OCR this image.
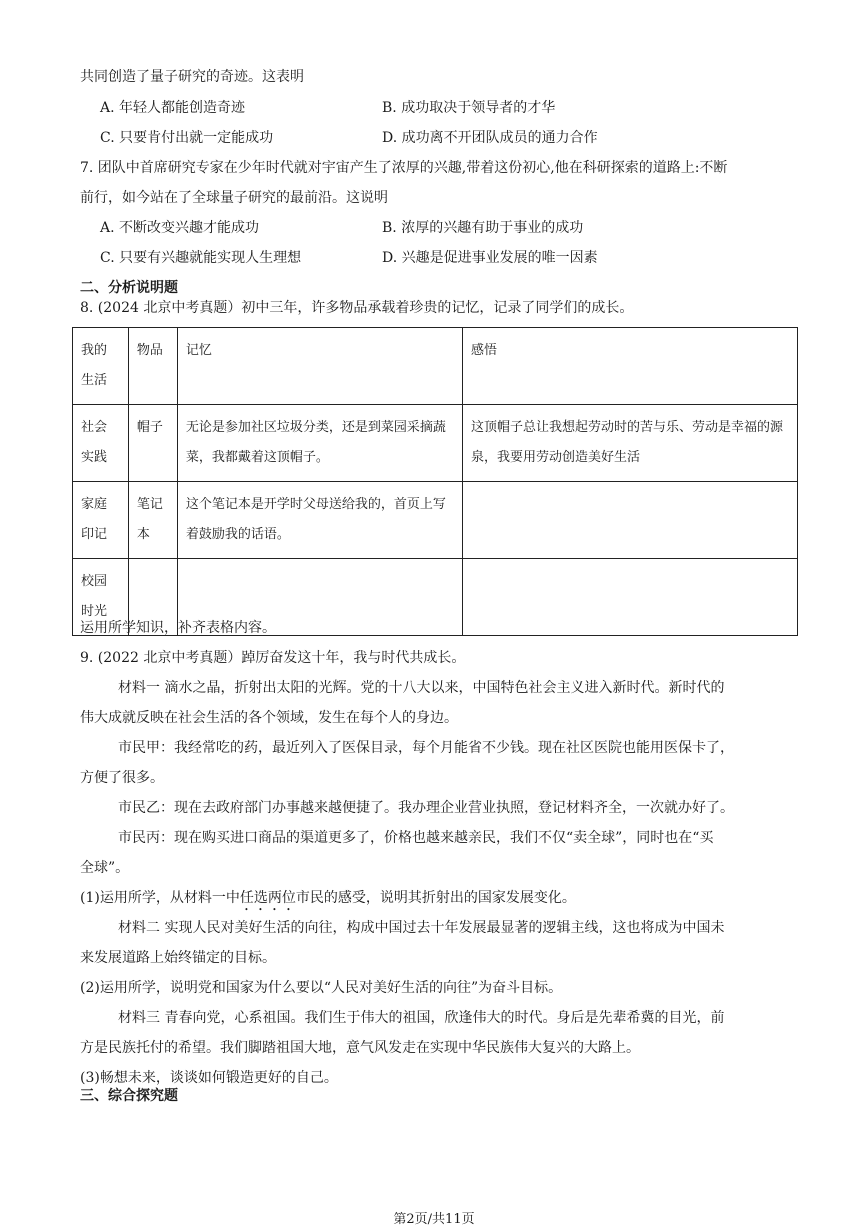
共同创造了量子研究的奇迹。这表明
A. 年轻人都能创造奇迹	B. 成功取决于领导者的才华
C. 只要肯付出就一定能成功	D. 成功离不开团队成员的通力合作
7. 团队中首席研究专家在少年时代就对宇宙产生了浓厚的兴趣,带着这份初心,他在科研探索的道路上:不断
前行，如今站在了全球量子研究的最前沿。这说明
A. 不断改变兴趣才能成功	B. 浓厚的兴趣有助于事业的成功
C. 只要有兴趣就能实现人生理想	D. 兴趣是促进事业发展的唯一因素
二、分析说明题
8. (2024 北京中考真题）初中三年，许多物品承载着珍贵的记忆，记录了同学们的成长。
我的生活	物品	记忆	感悟
社会实践	帽子	无论是参加社区垃圾分类，还是到菜园采摘蔬菜，我都戴着这顶帽子。	这顶帽子总让我想起劳动时的苦与乐、劳动是幸福的源泉，我要用劳动创造美好生活
家庭印记	笔记本	这个笔记本是开学时父母送给我的，首页上写着鼓励我的话语。	
校园时光			
运用所学知识，补齐表格内容。
9. (2022 北京中考真题）踔厉奋发这十年，我与时代共成长。
材料一 滴水之晶，折射出太阳的光辉。党的十八大以来，中国特色社会主义进入新时代。新时代的
伟大成就反映在社会生活的各个领域，发生在每个人的身边。
市民甲：我经常吃的药，最近列入了医保目录，每个月能省不少钱。现在社区医院也能用医保卡了，
方便了很多。
市民乙：现在去政府部门办事越来越便捷了。我办理企业营业执照，登记材料齐全，一次就办好了。
市民丙：现在购买进口商品的渠道更多了，价格也越来越亲民，我们不仅“卖全球”，同时也在“买
全球”。
(1)运用所学，从材料一中任选两位市民的感受，说明其折射出的国家发展变化。
材料二 实现人民对美好生活的向往，构成中国过去十年发展最显著的逻辑主线，这也将成为中国未
来发展道路上始终锚定的目标。
(2)运用所学，说明党和国家为什么要以“人民对美好生活的向往”为奋斗目标。
材料三 青春向党，心系祖国。我们生于伟大的祖国，欣逢伟大的时代。身后是先辈希冀的目光，前
方是民族托付的希望。我们脚踏祖国大地，意气风发走在实现中华民族伟大复兴的大路上。
(3)畅想未来，谈谈如何锻造更好的自己。
三、综合探究题
第2页/共11页
